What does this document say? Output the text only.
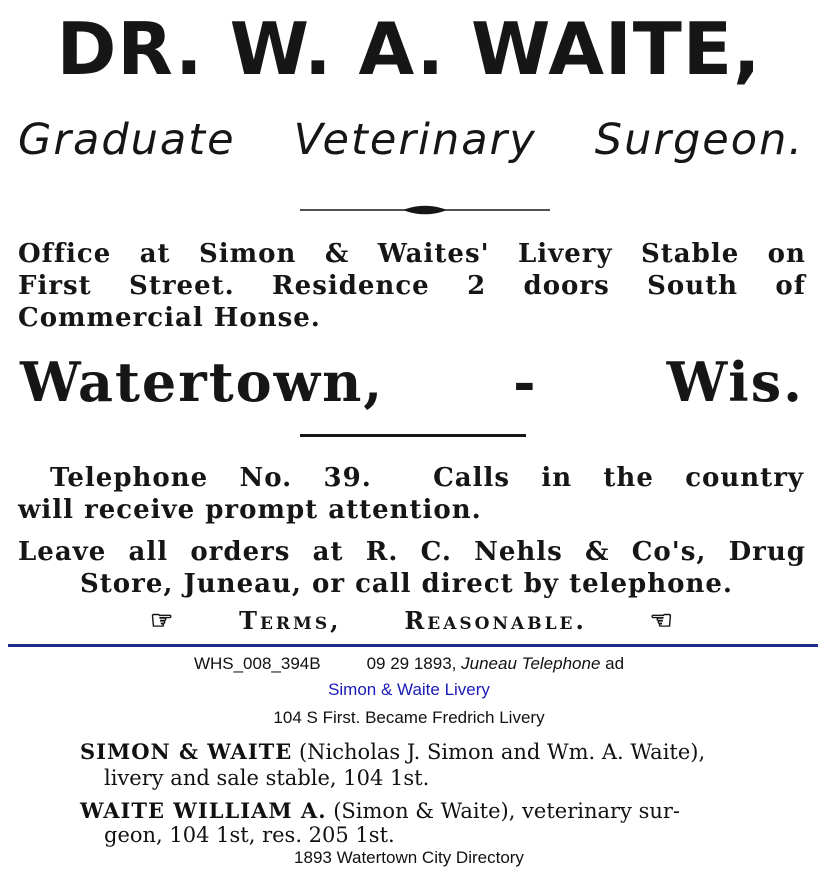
DR. W. A. WAITE,
Graduate Veterinary Surgeon.
Office at Simon & Waites' Livery Stable on
First Street. Residence 2 doors South of
Commercial Honse.
Watertown, - Wis.
Telephone No. 39. Calls in the country
will receive prompt attention.
Leave all orders at R. C. Nehls & Co's, Drug
Store, Juneau, or call direct by telephone.
☞	Terms,	Reasonable. ☜
WHS_008_394B	09 29 1893, Juneau Telephone ad
Simon & Waite Livery
104 S First. Became Fredrich Livery
SIMON & WAITE (Nicholas J. Simon and Wm. A. Waite),
livery and sale stable, 104 1st.
WAITE WILLIAM A. (Simon & Waite), veterinary sur-
geon, 104 1st, res. 205 1st.
1893 Watertown City Directory
